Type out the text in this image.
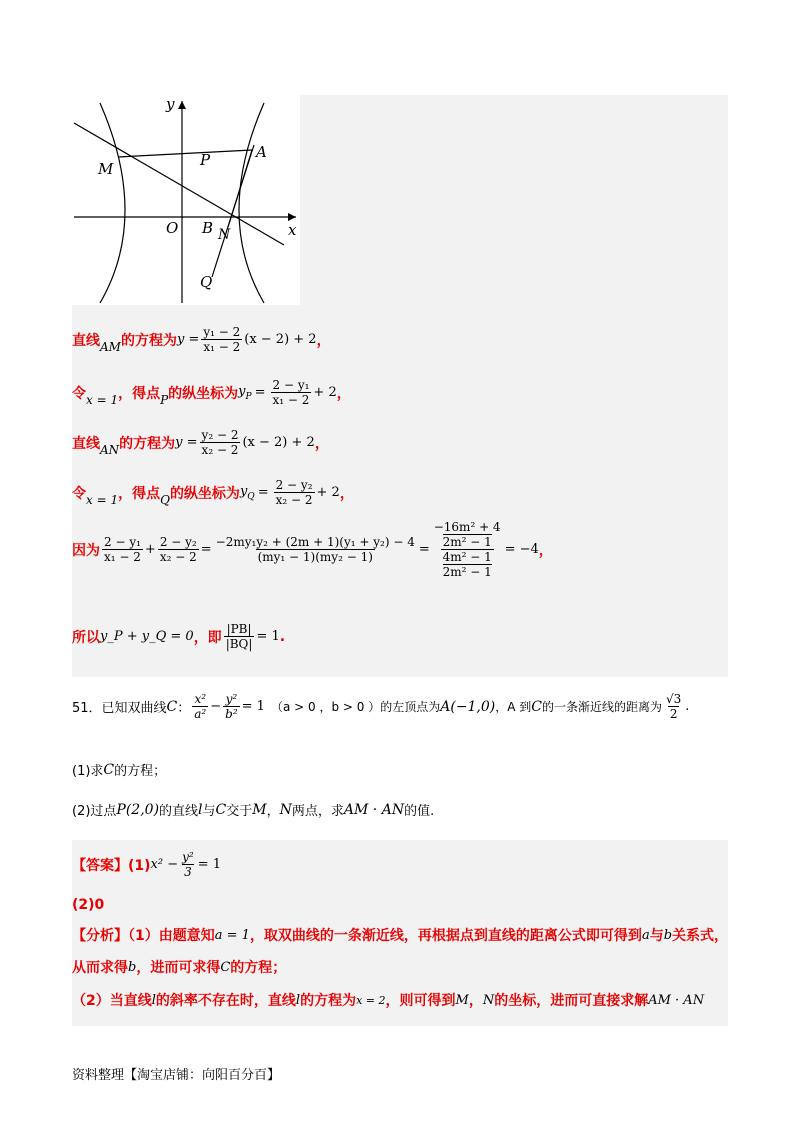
y
x
O B N
M	P	A
Q
直线 AM 的方程为 $y = \frac{\text{y₁ − 2}}{\text{x₁ − 2}} (x - 2) + 2$ ，
令 x = 1 ，得点 P 的纵坐标为 $y_P = \frac{\text{2 − y₁}}{\text{x₁ − 2}} + 2$ ，
直线 AN 的方程为 $y = \frac{\text{y₂ − 2}}{\text{x₂ − 2}} (x - 2) + 2$ ，
令 x = 1 ，得点 Q 的纵坐标为 $y_Q = \frac{\text{2 − y₂}}{\text{x₂ − 2}} + 2$ ，
因为 $\frac{\text{2 − y₁}}{\text{x₁ − 2}} + \frac{\text{2 − y₂}}{\text{x₂ − 2}} = \frac{\text{−2my₁y₂ + (2m + 1)(y₁ + y₂) − 4}}{\text{(my₁ − 1)(my₂ − 1)}} = \frac{\frac{\text{−16m² + 4}}{\text{2m² − 1}}}{\frac{\text{4m² − 1}}{\text{2m² − 1}}} = -4$ ，
所以 y_P + y_Q = 0 ，即 $\frac{|PB|}{|BQ|} = 1$ .
51．已知双曲线 C ： $\frac{\text{x²}}{\text{a²}} - \frac{\text{y²}}{\text{b²}} = 1$ （a > 0 ，b > 0 ）的左顶点为 A(−1,0) ，A 到 C 的一条渐近线的距离为 $\frac{√3}{2}$ .
(1)求 C 的方程；
(2)过点 P(2,0) 的直线 l 与 C 交于 M ， N 两点，求 AM · AN 的值.
【答案】(1) $x^2 - \frac{\text{y²}}{3} = 1$
(2)0
【分析】（1）由题意知 a = 1 ，取双曲线的一条渐近线，再根据点到直线的距离公式即可得到 a 与 b 关系式，
从而求得 b ，进而可求得 C 的方程；
（2）当直线 l 的斜率不存在时，直线 l 的方程为 x = 2 ，则可得到 M ， N 的坐标，进而可直接求解 AM · AN
资料整理【淘宝店铺：向阳百分百】
